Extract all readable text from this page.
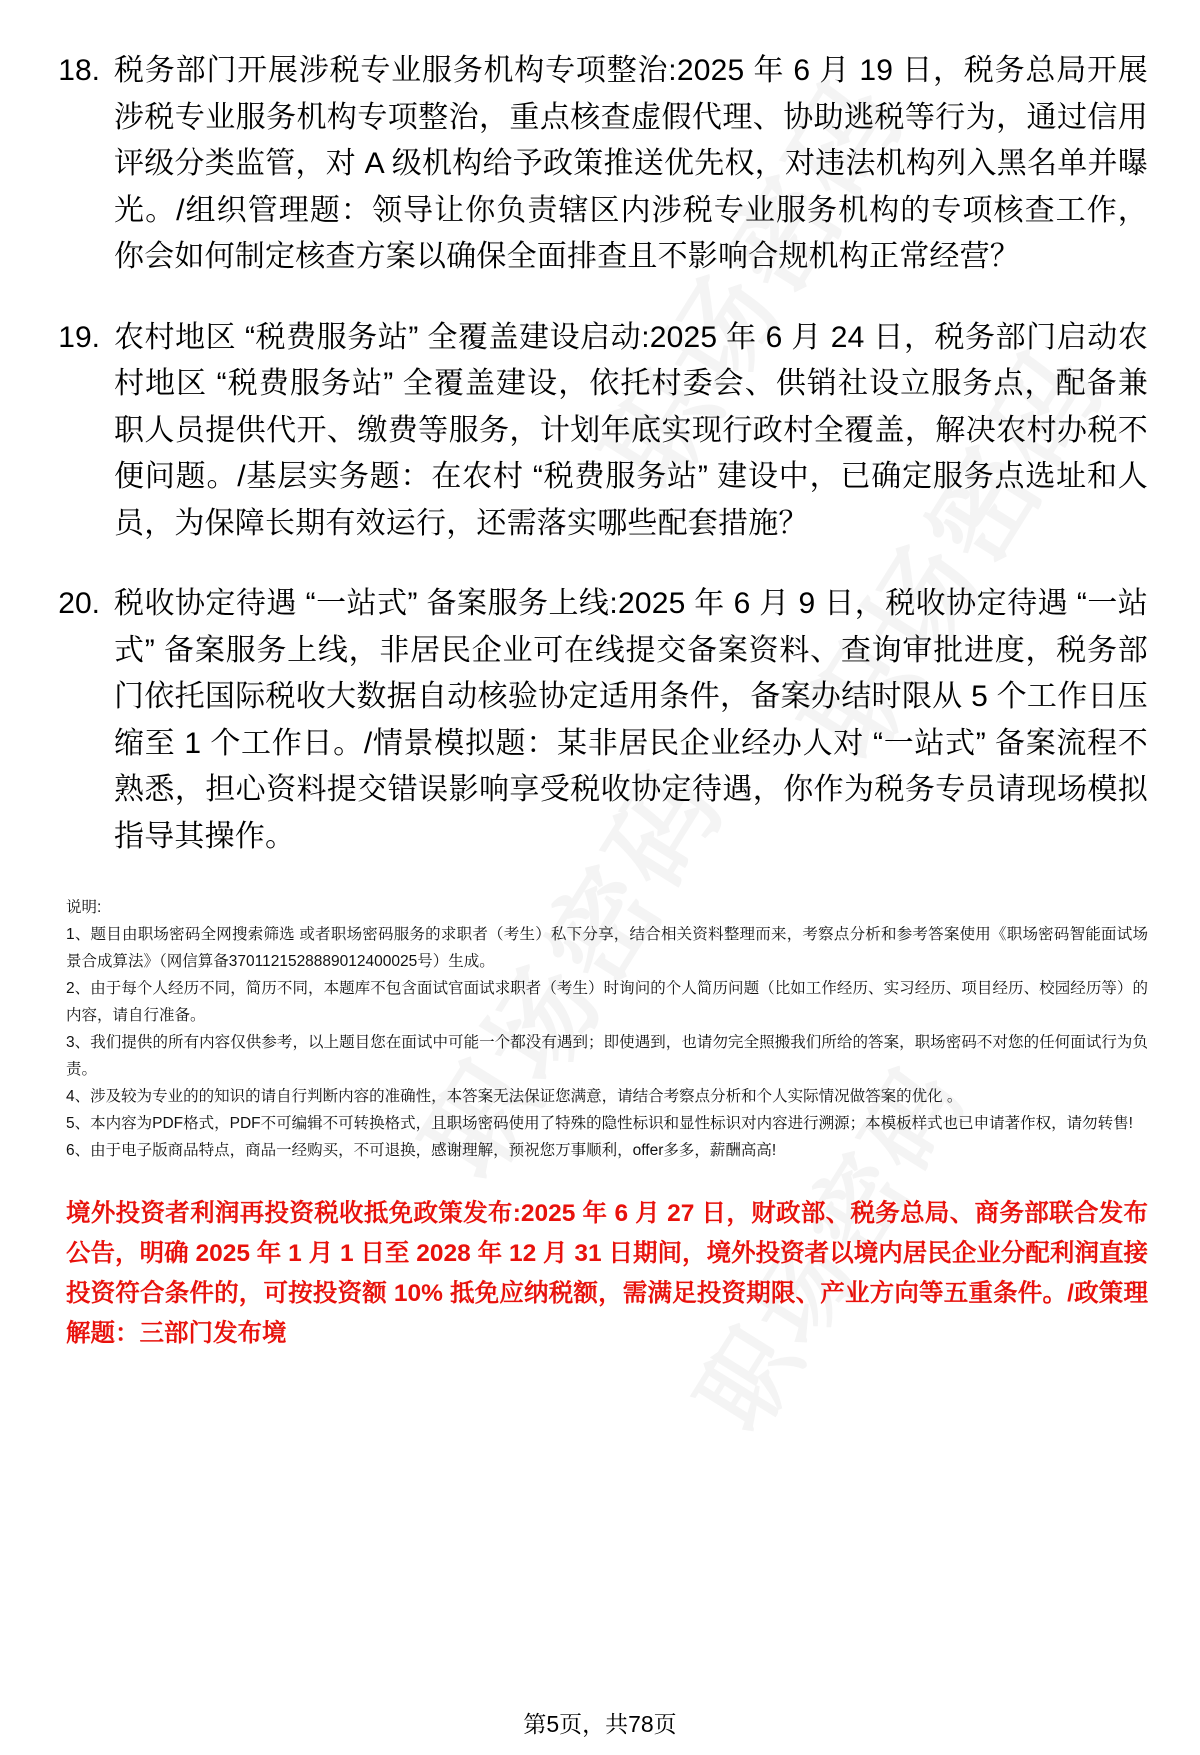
18. 税务部门开展涉税专业服务机构专项整治:2025 年 6 月 19 日，税务总局开展涉税专业服务机构专项整治，重点核查虚假代理、协助逃税等行为，通过信用评级分类监管，对 A 级机构给予政策推送优先权，对违法机构列入黑名单并曝光。/组织管理题：领导让你负责辖区内涉税专业服务机构的专项核查工作，你会如何制定核查方案以确保全面排查且不影响合规机构正常经营？
19. 农村地区 “税费服务站” 全覆盖建设启动:2025 年 6 月 24 日，税务部门启动农村地区 “税费服务站” 全覆盖建设，依托村委会、供销社设立服务点，配备兼职人员提供代开、缴费等服务，计划年底实现行政村全覆盖，解决农村办税不便问题。/基层实务题：在农村 “税费服务站” 建设中，已确定服务点选址和人员，为保障长期有效运行，还需落实哪些配套措施？
20. 税收协定待遇 “一站式” 备案服务上线:2025 年 6 月 9 日，税收协定待遇 “一站式” 备案服务上线，非居民企业可在线提交备案资料、查询审批进度，税务部门依托国际税收大数据自动核验协定适用条件，备案办结时限从 5 个工作日压缩至 1 个工作日。/情景模拟题：某非居民企业经办人对 “一站式” 备案流程不熟悉，担心资料提交错误影响享受税收协定待遇，你作为税务专员请现场模拟指导其操作。

说明:

1、题目由职场密码全网搜索筛选 或者职场密码服务的求职者（考生）私下分享，结合相关资料整理而来，考察点分析和参考答案使用《职场密码智能面试场景合成算法》（网信算备3701121528889012400025号）生成。

2、由于每个人经历不同，简历不同，本题库不包含面试官面试求职者（考生）时询问的个人简历问题（比如工作经历、实习经历、项目经历、校园经历等）的内容，请自行准备。

3、我们提供的所有内容仅供参考，以上题目您在面试中可能一个都没有遇到；即使遇到，也请勿完全照搬我们所给的答案，职场密码不对您的任何面试行为负责。

4、涉及较为专业的的知识的请自行判断内容的准确性，本答案无法保证您满意，请结合考察点分析和个人实际情况做答案的优化 。

5、本内容为PDF格式，PDF不可编辑不可转换格式，且职场密码使用了特殊的隐性标识和显性标识对内容进行溯源；本模板样式也已申请著作权，请勿转售!

6、由于电子版商品特点，商品一经购买，不可退换，感谢理解，预祝您万事顺利，offer多多，薪酬高高!

境外投资者利润再投资税收抵免政策发布:2025 年 6 月 27 日，财政部、税务总局、商务部联合发布公告，明确 2025 年 1 月 1 日至 2028 年 12 月 31 日期间，境外投资者以境内居民企业分配利润直接投资符合条件的，可按投资额 10% 抵免应纳税额，需满足投资期限、产业方向等五重条件。/政策理解题：三部门发布境
第5页，共78页
